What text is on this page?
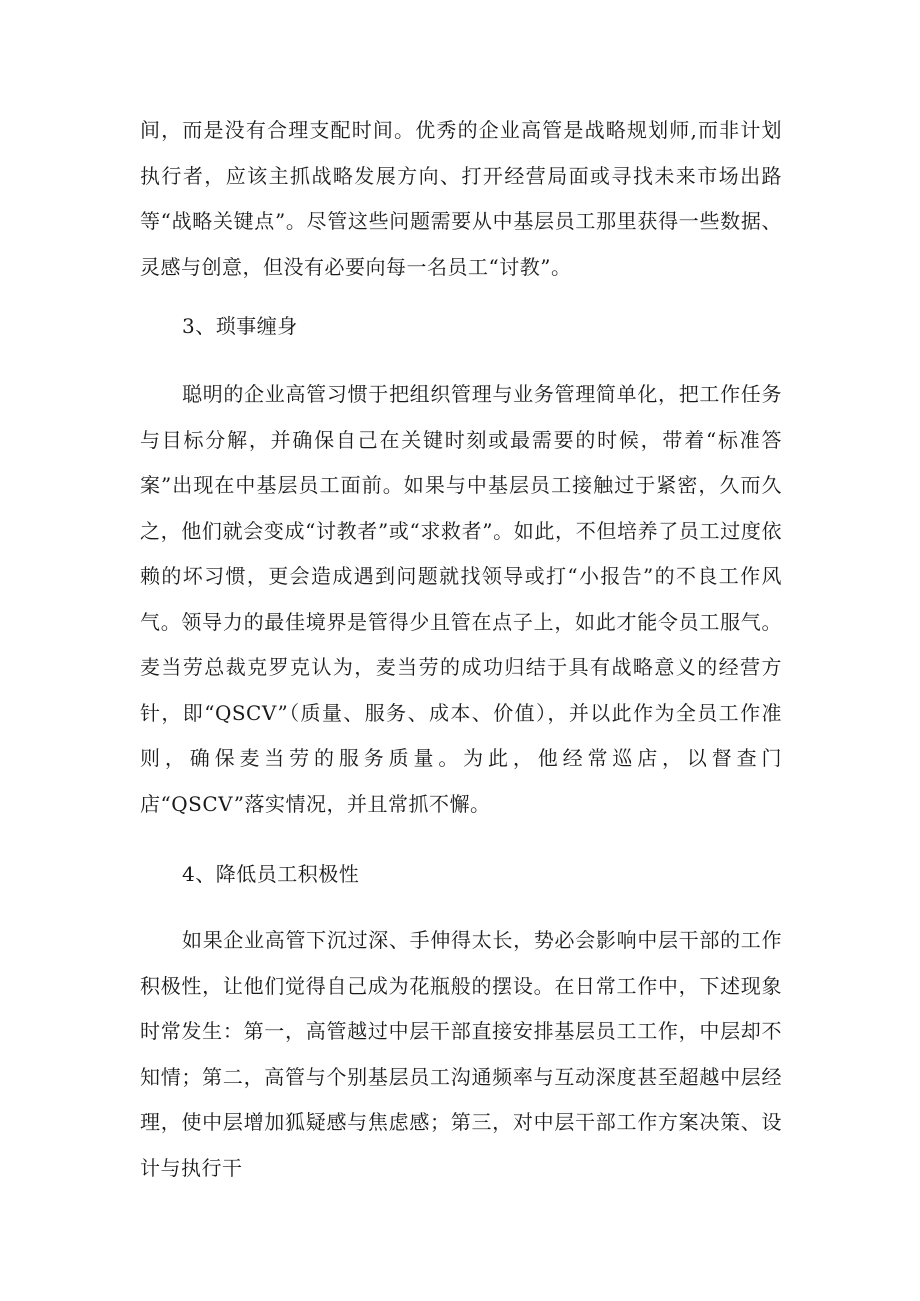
间，而是没有合理支配时间。优秀的企业高管是战略规划师,而非计划执行者，应该主抓战略发展方向、打开经营局面或寻找未来市场出路等“战略关键点”。尽管这些问题需要从中基层员工那里获得一些数据、灵感与创意，但没有必要向每一名员工“讨教”。

3、琐事缠身

聪明的企业高管习惯于把组织管理与业务管理简单化，把工作任务与目标分解，并确保自己在关键时刻或最需要的时候，带着“标准答案”出现在中基层员工面前。如果与中基层员工接触过于紧密，久而久之，他们就会变成“讨教者”或“求救者”。如此，不但培养了员工过度依赖的坏习惯，更会造成遇到问题就找领导或打“小报告”的不良工作风气。领导力的最佳境界是管得少且管在点子上，如此才能令员工服气。麦当劳总裁克罗克认为，麦当劳的成功归结于具有战略意义的经营方针，即“QSCV”（质量、服务、成本、价值），并以此作为全员工作准则，确保麦当劳的服务质量。为此，他经常巡店，以督查门店“QSCV”落实情况，并且常抓不懈。

4、降低员工积极性

如果企业高管下沉过深、手伸得太长，势必会影响中层干部的工作积极性，让他们觉得自己成为花瓶般的摆设。在日常工作中，下述现象时常发生：第一，高管越过中层干部直接安排基层员工工作，中层却不知情；第二，高管与个别基层员工沟通频率与互动深度甚至超越中层经理，使中层增加狐疑感与焦虑感；第三，对中层干部工作方案决策、设计与执行干
